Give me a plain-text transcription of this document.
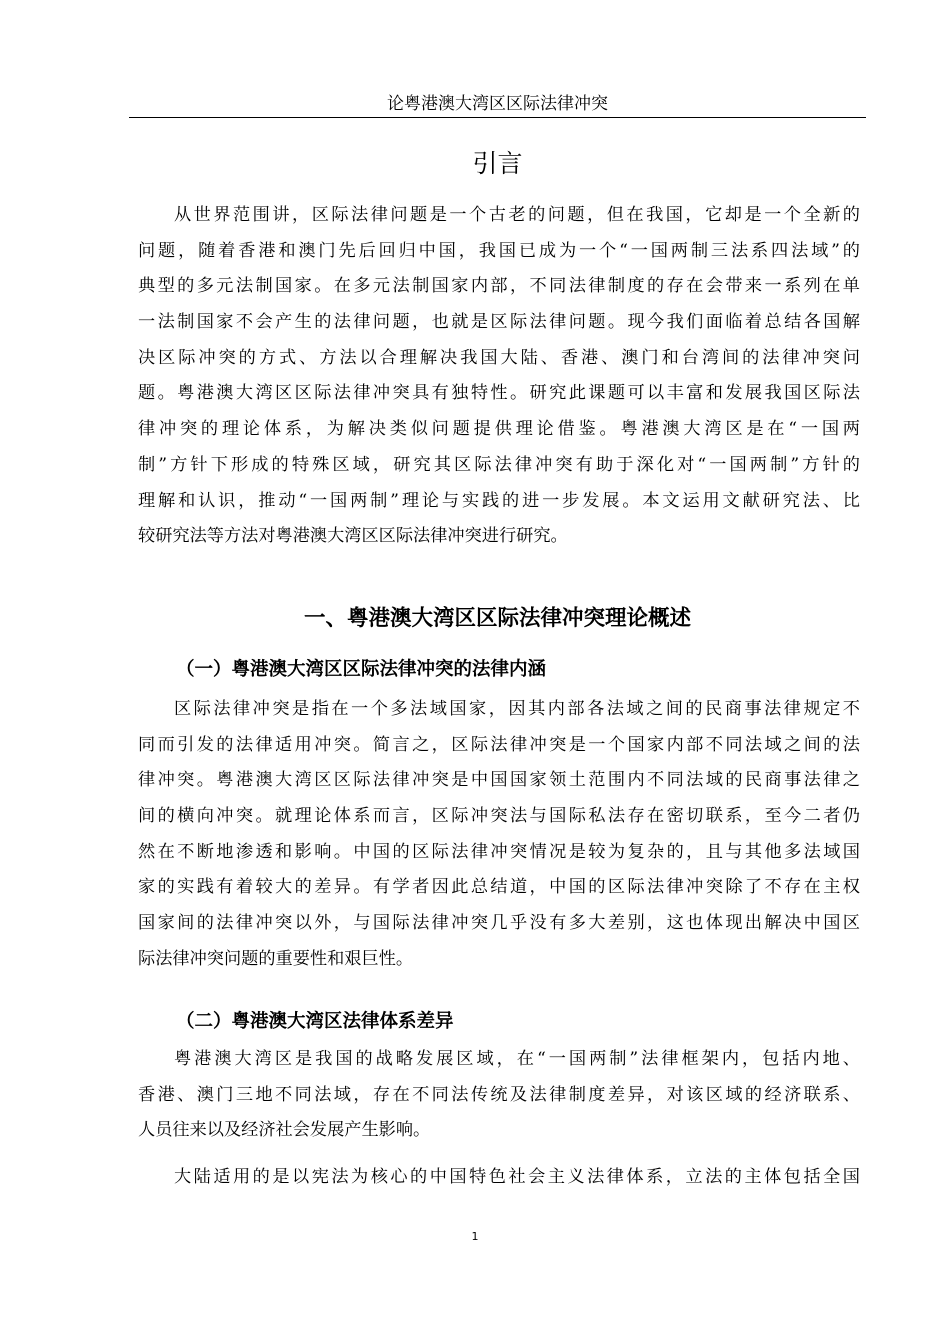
论粤港澳大湾区区际法律冲突
引言
从世界范围讲，区际法律问题是一个古老的问题，但在我国，它却是一个全新的
问题，随着香港和澳门先后回归中国，我国已成为一个“一国两制三法系四法域”的
典型的多元法制国家。在多元法制国家内部，不同法律制度的存在会带来一系列在单
一法制国家不会产生的法律问题，也就是区际法律问题。现今我们面临着总结各国解
决区际冲突的方式、方法以合理解决我国大陆、香港、澳门和台湾间的法律冲突问
题。粤港澳大湾区区际法律冲突具有独特性。研究此课题可以丰富和发展我国区际法
律冲突的理论体系，为解决类似问题提供理论借鉴。粤港澳大湾区是在“一国两
制”方针下形成的特殊区域，研究其区际法律冲突有助于深化对“一国两制”方针的
理解和认识，推动“一国两制”理论与实践的进一步发展。本文运用文献研究法、比
较研究法等方法对粤港澳大湾区区际法律冲突进行研究。
一、粤港澳大湾区区际法律冲突理论概述
（一）粤港澳大湾区区际法律冲突的法律内涵
区际法律冲突是指在一个多法域国家，因其内部各法域之间的民商事法律规定不
同而引发的法律适用冲突。简言之，区际法律冲突是一个国家内部不同法域之间的法
律冲突。粤港澳大湾区区际法律冲突是中国国家领土范围内不同法域的民商事法律之
间的横向冲突。就理论体系而言，区际冲突法与国际私法存在密切联系，至今二者仍
然在不断地渗透和影响。中国的区际法律冲突情况是较为复杂的，且与其他多法域国
家的实践有着较大的差异。有学者因此总结道，中国的区际法律冲突除了不存在主权
国家间的法律冲突以外，与国际法律冲突几乎没有多大差别，这也体现出解决中国区
际法律冲突问题的重要性和艰巨性。
（二）粤港澳大湾区法律体系差异
粤港澳大湾区是我国的战略发展区域，在“一国两制”法律框架内，包括内地、
香港、澳门三地不同法域，存在不同法传统及法律制度差异，对该区域的经济联系、
人员往来以及经济社会发展产生影响。
大陆适用的是以宪法为核心的中国特色社会主义法律体系，立法的主体包括全国
1
